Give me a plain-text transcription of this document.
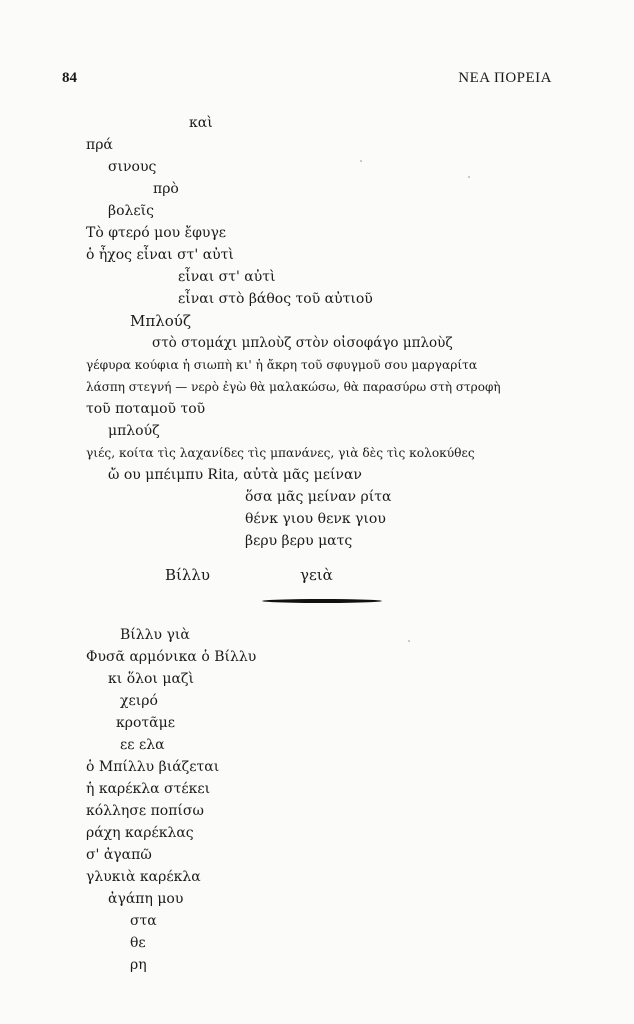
84	ΝΕΑ ΠΟΡΕΙΑ
καὶ
πρά
σινους
πρὸ
βολεῖς
Τὸ φτερό μου ἔφυγε
ὁ ἦχος εἶναι στ' αὐτὶ
εἶναι στ' αὐτὶ
εἶναι στὸ βάθος τοῦ αὐτιοῦ
Μπλούζ
στὸ στομάχι μπλοὺζ στὸν οἰσοφάγο μπλοὺζ
γέφυρα κούφια ἡ σιωπὴ κι' ἡ ἄκρη τοῦ σφυγμοῦ σου μαργαρίτα
λάσπη στεγνή — νερὸ ἐγὼ θὰ μαλακώσω, θὰ παρασύρω στὴ στροφὴ
τοῦ ποταμοῦ τοῦ
μπλούζ
γιές, κοίτα τὶς λαχανίδες τὶς μπανάνες, γιὰ δὲς τὶς κολοκύθες
ὤ ου μπέιμπυ Rita, αὐτὰ μᾶς μείναν
ὅσα μᾶς μείναν ρίτα
θένκ γιου θενκ γιου
βερυ βερυ ματς
Βίλλυ	γειὰ
Βίλλυ γιὰ
Φυσᾶ αρμόνικα ὁ Βίλλυ
κι ὅλοι μαζὶ
χειρό
κροτᾶμε
εε ελα
ὁ Μπίλλυ βιάζεται
ἡ καρέκλα στέκει
κόλλησε ποπίσω
ράχη καρέκλας
σ' ἀγαπῶ
γλυκιὰ καρέκλα
ἀγάπη μου
στα
θε
ρη
